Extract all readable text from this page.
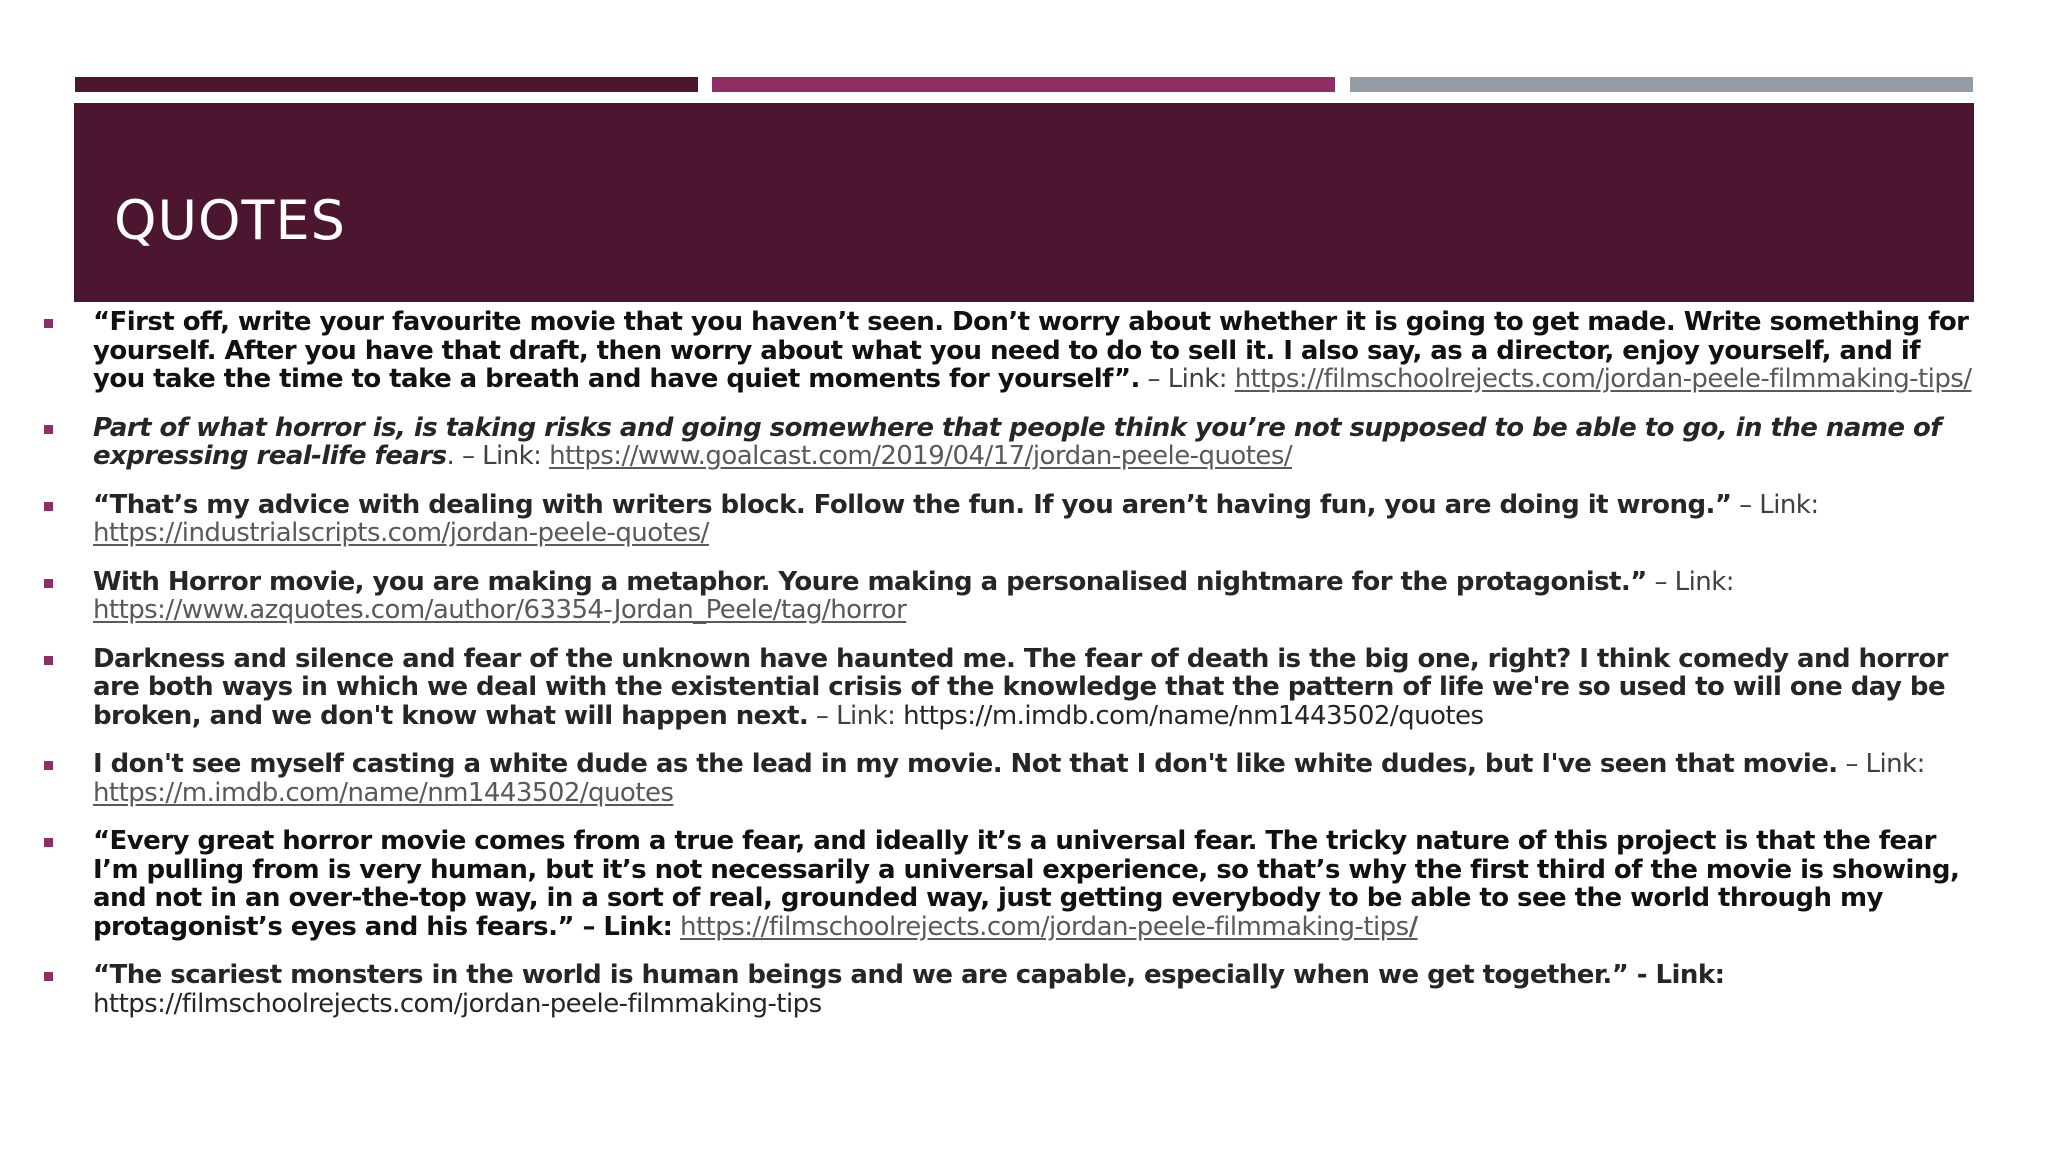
QUOTES
“First off, write your favourite movie that you haven’t seen. Don’t worry about whether it is going to get made. Write something for yourself. After you have that draft, then worry about what you need to do to sell it. I also say, as a director, enjoy yourself, and if you take the time to take a breath and have quiet moments for yourself”. – Link: https://filmschoolrejects.com/jordan-peele-filmmaking-tips/
Part of what horror is, is taking risks and going somewhere that people think you’re not supposed to be able to go, in the name of expressing real-life fears. – Link: https://www.goalcast.com/2019/04/17/jordan-peele-quotes/
“That’s my advice with dealing with writers block. Follow the fun. If you aren’t having fun, you are doing it wrong.” – Link: https://industrialscripts.com/jordan-peele-quotes/
With Horror movie, you are making a metaphor. Youre making a personalised nightmare for the protagonist.” – Link: https://www.azquotes.com/author/63354-Jordan_Peele/tag/horror
Darkness and silence and fear of the unknown have haunted me. The fear of death is the big one, right? I think comedy and horror are both ways in which we deal with the existential crisis of the knowledge that the pattern of life we're so used to will one day be broken, and we don't know what will happen next. – Link: https://m.imdb.com/name/nm1443502/quotes
I don't see myself casting a white dude as the lead in my movie. Not that I don't like white dudes, but I've seen that movie. – Link: https://m.imdb.com/name/nm1443502/quotes
“Every great horror movie comes from a true fear, and ideally it’s a universal fear. The tricky nature of this project is that the fear I’m pulling from is very human, but it’s not necessarily a universal experience, so that’s why the first third of the movie is showing, and not in an over-the-top way, in a sort of real, grounded way, just getting everybody to be able to see the world through my protagonist’s eyes and his fears.” – Link: https://filmschoolrejects.com/jordan-peele-filmmaking-tips/
“The scariest monsters in the world is human beings and we are capable, especially when we get together.” - Link: https://filmschoolrejects.com/jordan-peele-filmmaking-tips
